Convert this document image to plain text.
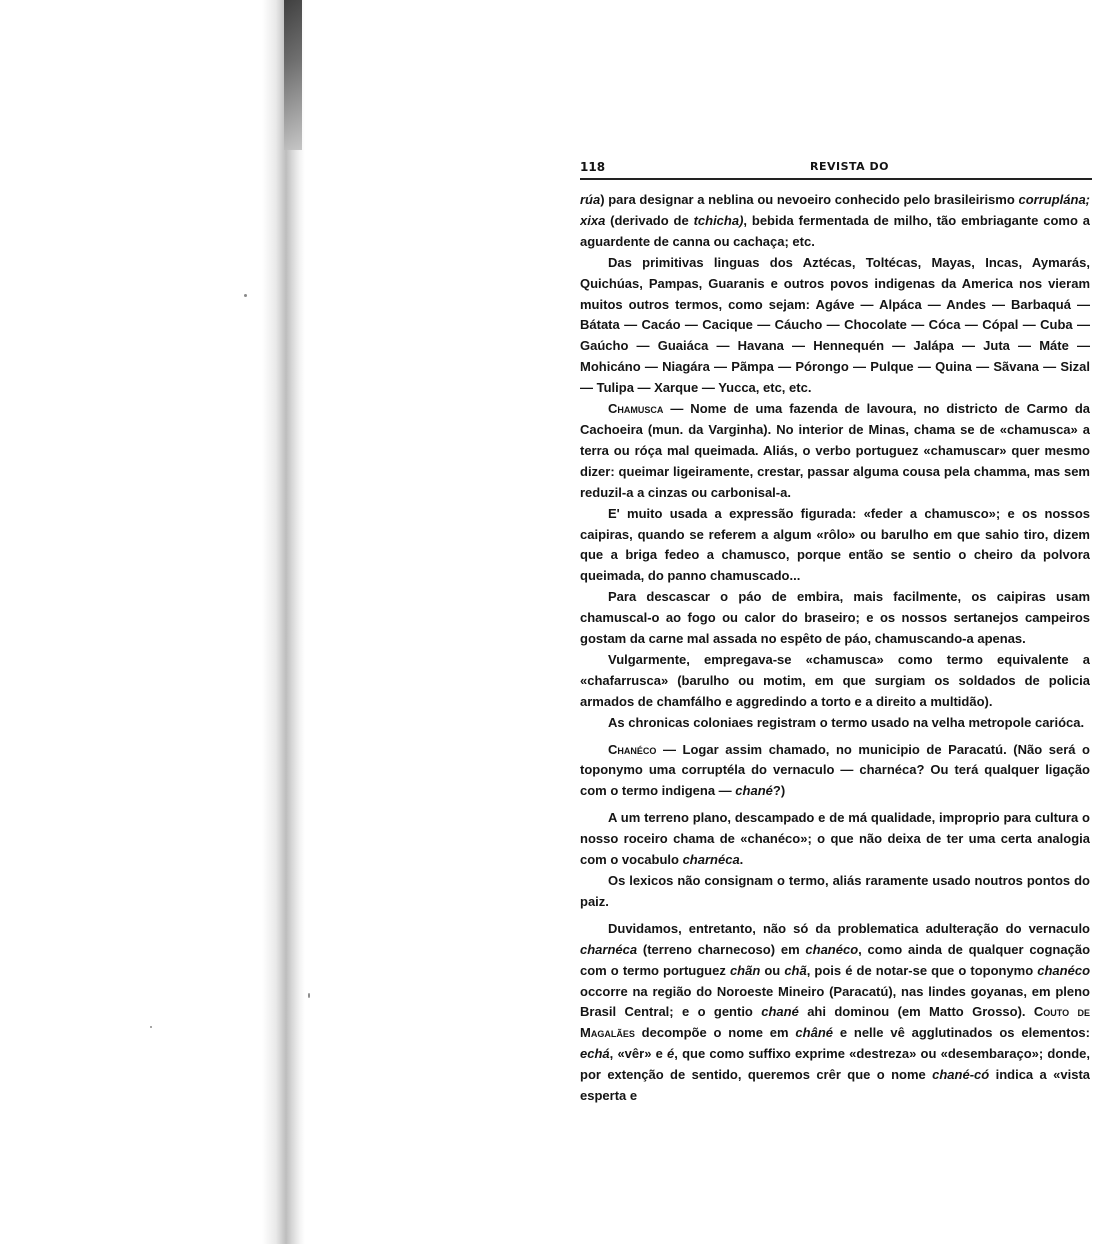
118	REVISTA DO

rúa) para designar a neblina ou nevoeiro conhecido pelo brasileirismo corruplána; xixa (derivado de tchicha), bebida fermentada de milho, tão embriagante como a aguardente de canna ou cachaça; etc.

Das primitivas linguas dos Aztécas, Toltécas, Mayas, Incas, Aymarás, Quichúas, Pampas, Guaranis e outros povos indigenas da America nos vieram muitos outros termos, como sejam: Agáve — Alpáca — Andes — Barbaquá — Bátata — Cacáo — Cacique — Cáucho — Chocolate — Cóca — Cópal — Cuba — Gaúcho — Guaiáca — Havana — Hennequén — Jalápa — Juta — Máte — Mohicáno — Niagára — Pãmpa — Pórongo — Pulque — Quina — Sãvana — Sizal — Tulipa — Xarque — Yucca, etc, etc.

Chamusca — Nome de uma fazenda de lavoura, no districto de Carmo da Cachoeira (mun. da Varginha). No interior de Minas, chama se de «chamusca» a terra ou róça mal queimada. Aliás, o verbo portuguez «chamuscar» quer mesmo dizer: queimar ligeiramente, crestar, passar alguma cousa pela chamma, mas sem reduzil-a a cinzas ou carbonisal-a.

E' muito usada a expressão figurada: «feder a chamusco»; e os nossos caipiras, quando se referem a algum «rôlo» ou barulho em que sahio tiro, dizem que a briga fedeo a chamusco, porque então se sentio o cheiro da polvora queimada, do panno chamuscado...

Para descascar o páo de embira, mais facilmente, os caipiras usam chamuscal-o ao fogo ou calor do braseiro; e os nossos sertanejos campeiros gostam da carne mal assada no espêto de páo, chamuscando-a apenas.

Vulgarmente, empregava-se «chamusca» como termo equivalente a «chafarrusca» (barulho ou motim, em que surgiam os soldados de policia armados de chamfálho e aggredindo a torto e a direito a multidão).

As chronicas coloniaes registram o termo usado na velha metropole carióca.

Chanéco — Logar assim chamado, no municipio de Paracatú. (Não será o toponymo uma corruptéla do vernaculo — charnéca? Ou terá qualquer ligação com o termo indigena — chané?)

A um terreno plano, descampado e de má qualidade, improprio para cultura o nosso roceiro chama de «chanéco»; o que não deixa de ter uma certa analogia com o vocabulo charnéca.

Os lexicos não consignam o termo, aliás raramente usado noutros pontos do paiz.

Duvidamos, entretanto, não só da problematica adulteração do vernaculo charnéca (terreno charnecoso) em chanéco, como ainda de qualquer cognação com o termo portuguez chãn ou chã, pois é de notar-se que o toponymo chanéco occorre na região do Noroeste Mineiro (Paracatú), nas lindes goyanas, em pleno Brasil Central; e o gentio chané ahi dominou (em Matto Grosso). Couto de Magalães decompõe o nome em châné e nelle vê agglutinados os elementos: echá, «vêr» e é, que como suffixo exprime «destreza» ou «desembaraço»; donde, por extenção de sentido, queremos crêr que o nome chané-có indica a «vista esperta e
